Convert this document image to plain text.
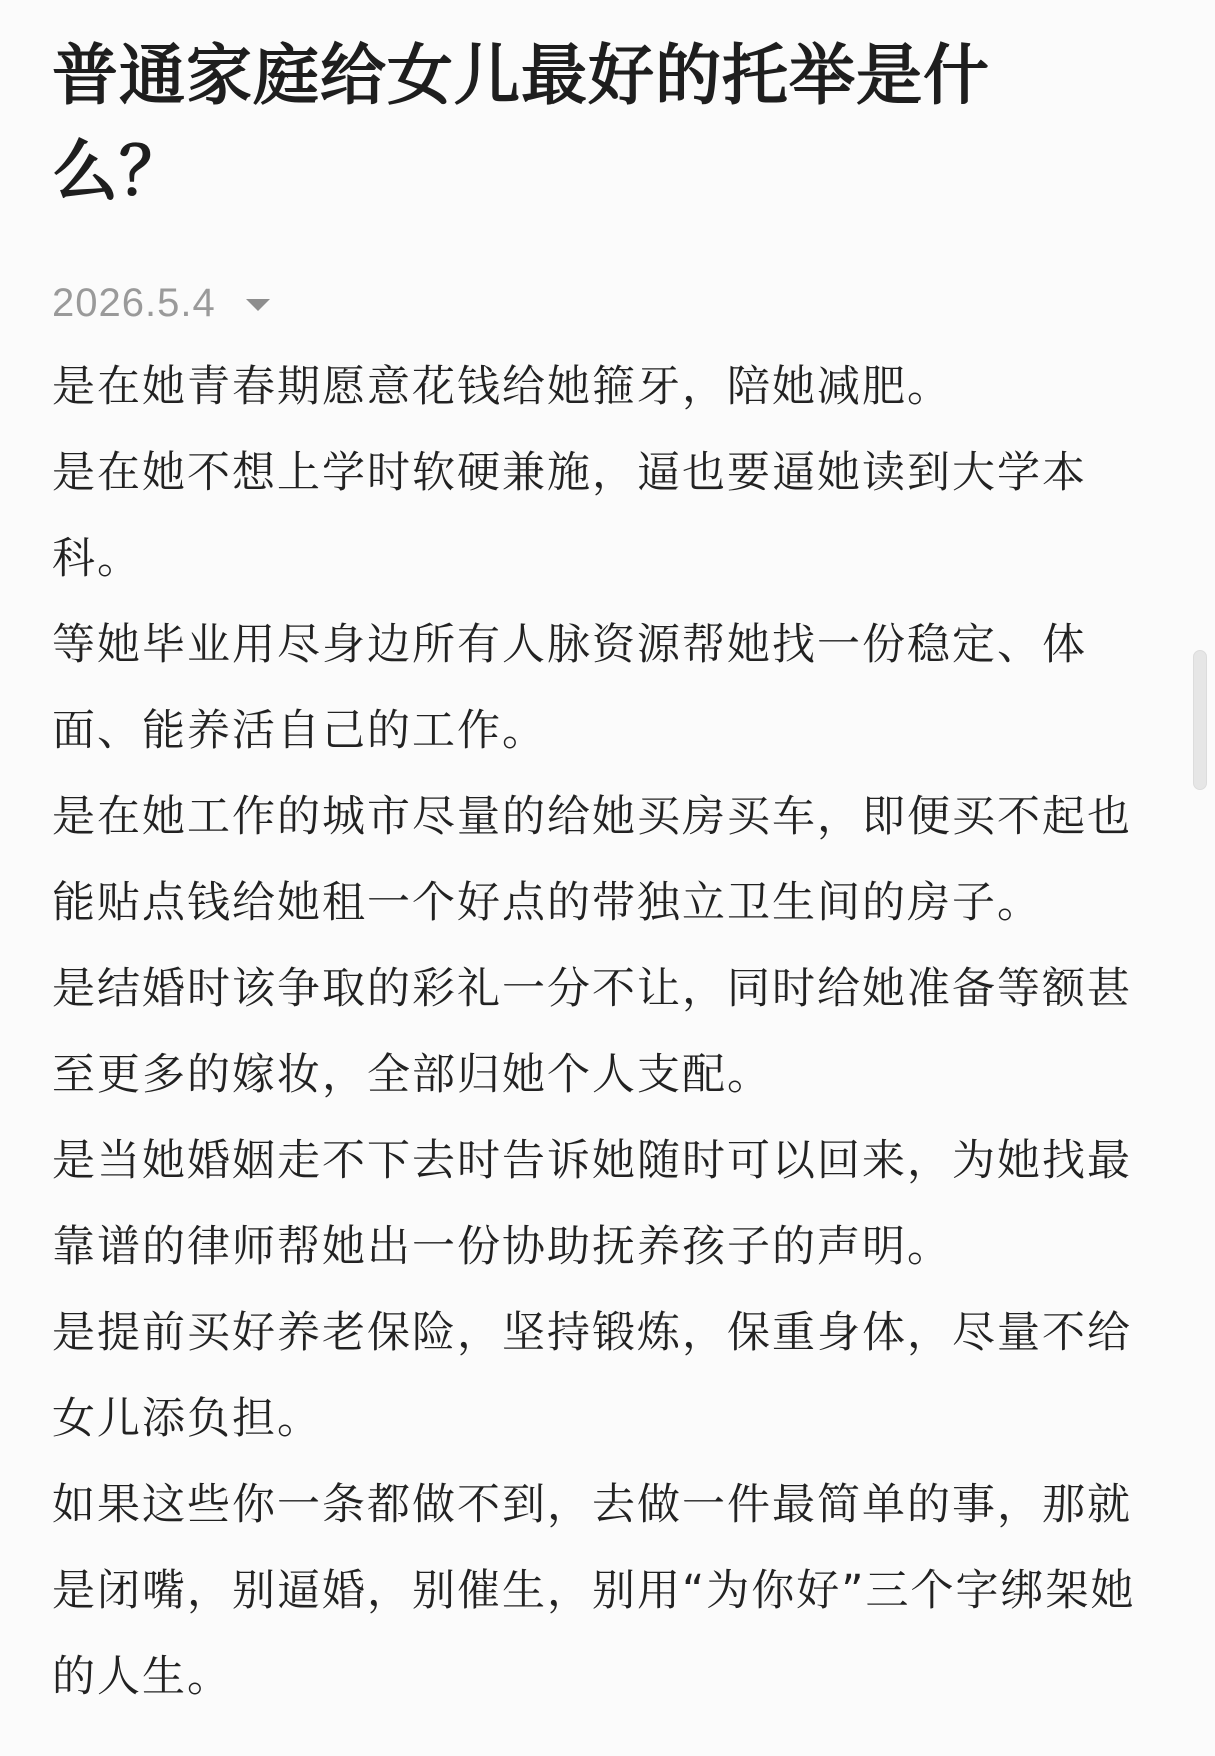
普通家庭给女儿最好的托举是什么？
2026.5.4

是在她青春期愿意花钱给她箍牙，陪她减肥。

是在她不想上学时软硬兼施，逼也要逼她读到大学本科。

等她毕业用尽身边所有人脉资源帮她找一份稳定、体面、能养活自己的工作。

是在她工作的城市尽量的给她买房买车，即便买不起也能贴点钱给她租一个好点的带独立卫生间的房子。

是结婚时该争取的彩礼一分不让，同时给她准备等额甚至更多的嫁妆，全部归她个人支配。

是当她婚姻走不下去时告诉她随时可以回来，为她找最靠谱的律师帮她出一份协助抚养孩子的声明。

是提前买好养老保险，坚持锻炼，保重身体，尽量不给女儿添负担。

如果这些你一条都做不到，去做一件最简单的事，那就是闭嘴，别逼婚，别催生，别用“为你好”三个字绑架她的人生。
